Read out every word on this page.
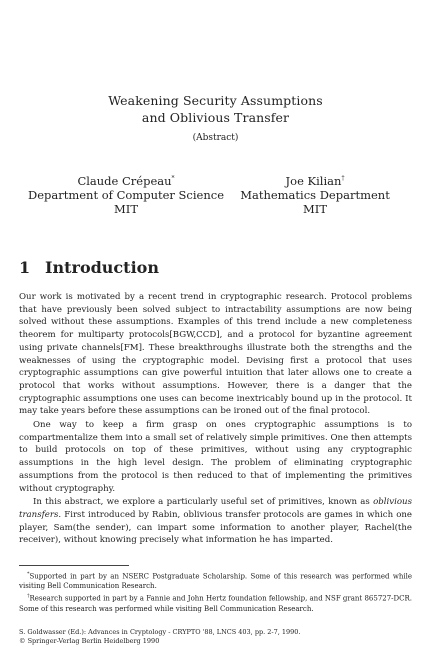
Weakening Security Assumptions
and Oblivious Transfer
(Abstract)
Claude Crépeau*
Department of Computer Science
MIT
Joe Kilian†
Mathematics Department
MIT
1 Introduction

Our work is motivated by a recent trend in cryptographic research. Protocol problems that have previously been solved subject to intractability assumptions are now being solved without these assumptions. Examples of this trend include a new completeness theorem for multiparty protocols[BGW,CCD], and a protocol for byzantine agreement using private channels[FM]. These breakthroughs illustrate both the strengths and the weaknesses of using the cryptographic model. Devising first a protocol that uses cryptographic assumptions can give powerful intuition that later allows one to create a protocol that works without assumptions. However, there is a danger that the cryptographic assumptions one uses can become inextricably bound up in the protocol. It may take years before these assumptions can be ironed out of the final protocol.

One way to keep a firm grasp on ones cryptographic assumptions is to compartmentalize them into a small set of relatively simple primitives. One then attempts to build protocols on top of these primitives, without using any cryptographic assumptions in the high level design. The problem of eliminating cryptographic assumptions from the protocol is then reduced to that of implementing the primitives without cryptography.

In this abstract, we explore a particularly useful set of primitives, known as oblivious transfers. First introduced by Rabin, oblivious transfer protocols are games in which one player, Sam(the sender), can impart some information to another player, Rachel(the receiver), without knowing precisely what information he has imparted.

*Supported in part by an NSERC Postgraduate Scholarship. Some of this research was performed while visiting Bell Communication Research.
†Research supported in part by a Fannie and John Hertz foundation fellowship, and NSF grant 865727-DCR. Some of this research was performed while visiting Bell Communication Research.
S. Goldwasser (Ed.): Advances in Cryptology - CRYPTO '88, LNCS 403, pp. 2-7, 1990.
© Springer-Verlag Berlin Heidelberg 1990
